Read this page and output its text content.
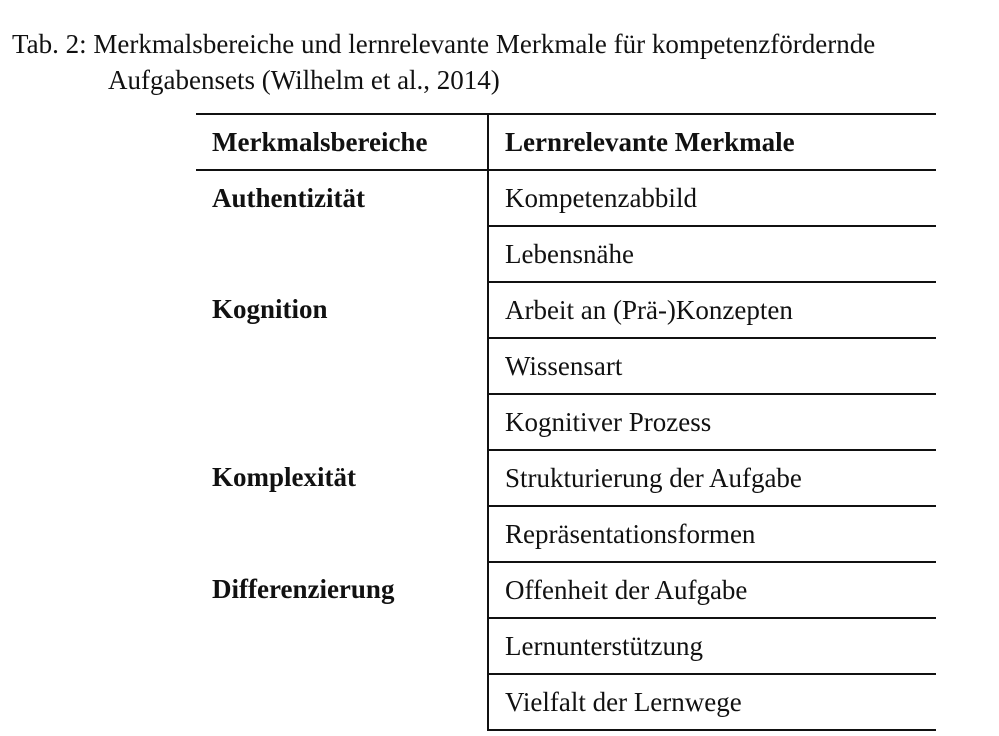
Tab. 2: Merkmalsbereiche und lernrelevante Merkmale für kompetenzfördernde
Aufgabensets (Wilhelm et al., 2014)
Merkmalsbereiche	Lernrelevante Merkmale
Authentizität	Kompetenzabbild
	Lebensnähe
Kognition	Arbeit an (Prä-)Konzepten
	Wissensart
	Kognitiver Prozess
Komplexität	Strukturierung der Aufgabe
	Repräsentationsformen
Differenzierung	Offenheit der Aufgabe
	Lernunterstützung
	Vielfalt der Lernwege
